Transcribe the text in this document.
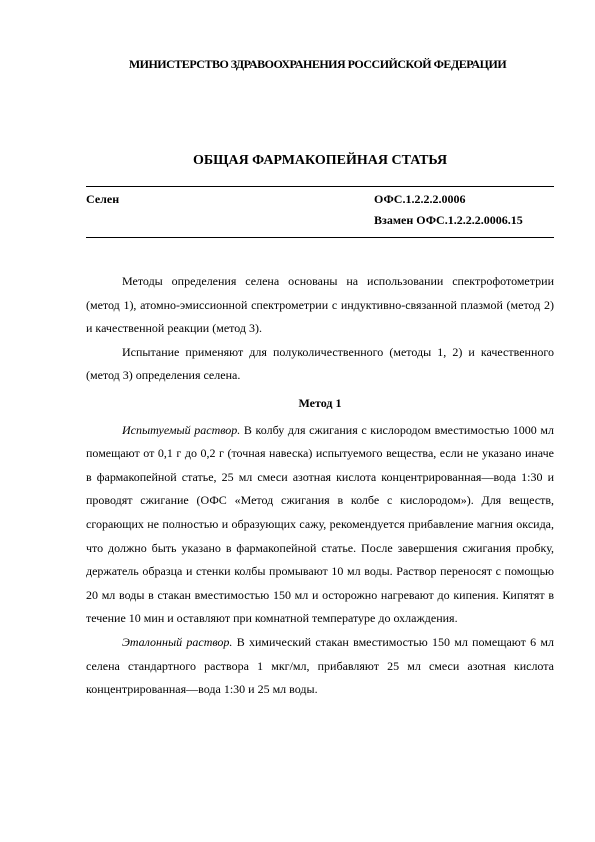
МИНИСТЕРСТВО ЗДРАВООХРАНЕНИЯ РОССИЙСКОЙ ФЕДЕРАЦИИ
ОБЩАЯ ФАРМАКОПЕЙНАЯ СТАТЬЯ
Селен	ОФС.1.2.2.2.0006
Взамен ОФС.1.2.2.2.0006.15

Методы определения селена основаны на использовании спектрофотометрии (метод 1), атомно-эмиссионной спектрометрии с индуктивно-связанной плазмой (метод 2) и качественной реакции (метод 3).

Испытание применяют для полуколичественного (методы 1, 2) и качественного (метод 3) определения селена.

Метод 1

Испытуемый раствор. В колбу для сжигания с кислородом вместимостью 1000 мл помещают от 0,1 г до 0,2 г (точная навеска) испытуемого вещества, если не указано иначе в фармакопейной статье, 25 мл смеси азотная кислота концентрированная—вода 1:30 и проводят сжигание (ОФС «Метод сжигания в колбе с кислородом»). Для веществ, сгорающих не полностью и образующих сажу, рекомендуется прибавление магния оксида, что должно быть указано в фармакопейной статье. После завершения сжигания пробку, держатель образца и стенки колбы промывают 10 мл воды. Раствор переносят с помощью 20 мл воды в стакан вместимостью 150 мл и осторожно нагревают до кипения. Кипятят в течение 10 мин и оставляют при комнатной температуре до охлаждения.

Эталонный раствор. В химический стакан вместимостью 150 мл помещают 6 мл селена стандартного раствора 1 мкг/мл, прибавляют 25 мл смеси азотная кислота концентрированная—вода 1:30 и 25 мл воды.
